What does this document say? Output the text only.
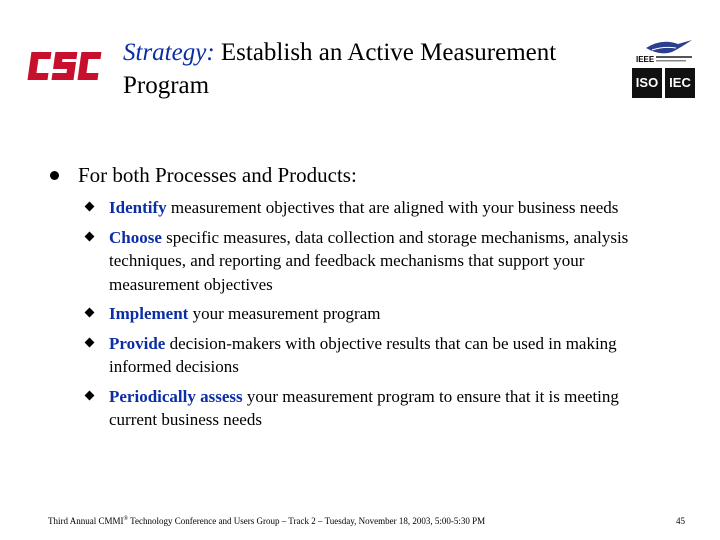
CSC	Strategy: Establish an Active Measurement Program
IEEE
ISO IEC
For both Processes and Products:
Identify measurement objectives that are aligned with your business needs
Choose specific measures, data collection and storage mechanisms, analysis techniques, and reporting and feedback mechanisms that support your measurement objectives
Implement your measurement program
Provide decision-makers with objective results that can be used in making informed decisions
Periodically assess your measurement program to ensure that it is meeting current business needs
Third Annual CMMI® Technology Conference and Users Group – Track 2 – Tuesday, November 18, 2003, 5:00-5:30 PM	45
